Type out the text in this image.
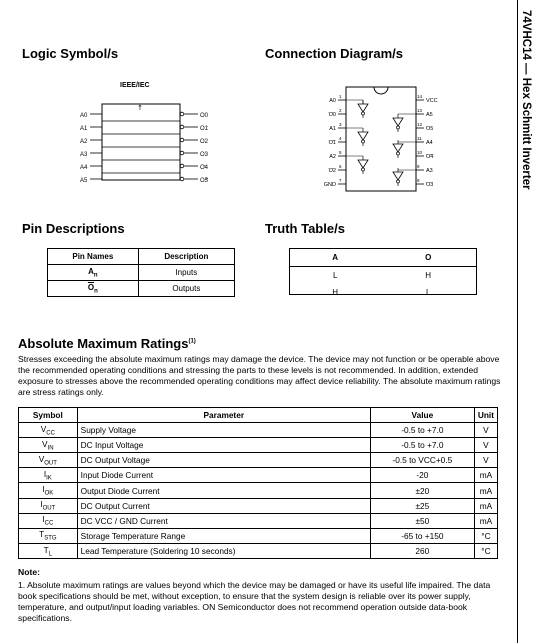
74VHC14 — Hex Schmitt Inverter
Logic Symbol/s	Connection Diagram/s
IEEE/IEC
A0	O0
A1	O1
A2	O2
A3	O3
A4	O4
A5	O5
↑
1
A0
2
O0
3
A1
4
O1
5
A2
6
O2
7
GND
14
VCC
13
A5
12
O5
11
A4
10
O4
9
A3
8
O3
Pin Descriptions	Truth Table/s
Pin Names	Description
$A_n$	Inputs
$\overline{O}_n$	Outputs
A	O
L	H
H	L
Absolute Maximum Ratings$^{(1)}$
Stresses exceeding the absolute maximum ratings may damage the device. The device may not function or be operable above the recommended operating conditions and stressing the parts to these levels is not recommended. In addition, extended exposure to stresses above the recommended operating conditions may affect device reliability. The absolute maximum ratings are stress ratings only.
Symbol	Parameter	Value	Unit
$V_{CC}$	Supply Voltage	-0.5 to +7.0	V
$V_{IN}$	DC Input Voltage	-0.5 to +7.0	V
$V_{OUT}$	DC Output Voltage	-0.5 to VCC+0.5	V
$I_{IK}$	Input Diode Current	-20	mA
$I_{OK}$	Output Diode Current	±20	mA
$I_{OUT}$	DC Output Current	±25	mA
$I_{CC}$	DC VCC / GND Current	±50	mA
$T_{STG}$	Storage Temperature Range	-65 to +150	°C
$T_L$	Lead Temperature (Soldering 10 seconds)	260	°C
Note:
1. Absolute maximum ratings are values beyond which the device may be damaged or have its useful life impaired. The data book specifications should be met, without exception, to ensure that the system design is reliable over its power supply, temperature, and output/input loading variables. ON Semiconductor does not recommend operation outside data-book specifications.
